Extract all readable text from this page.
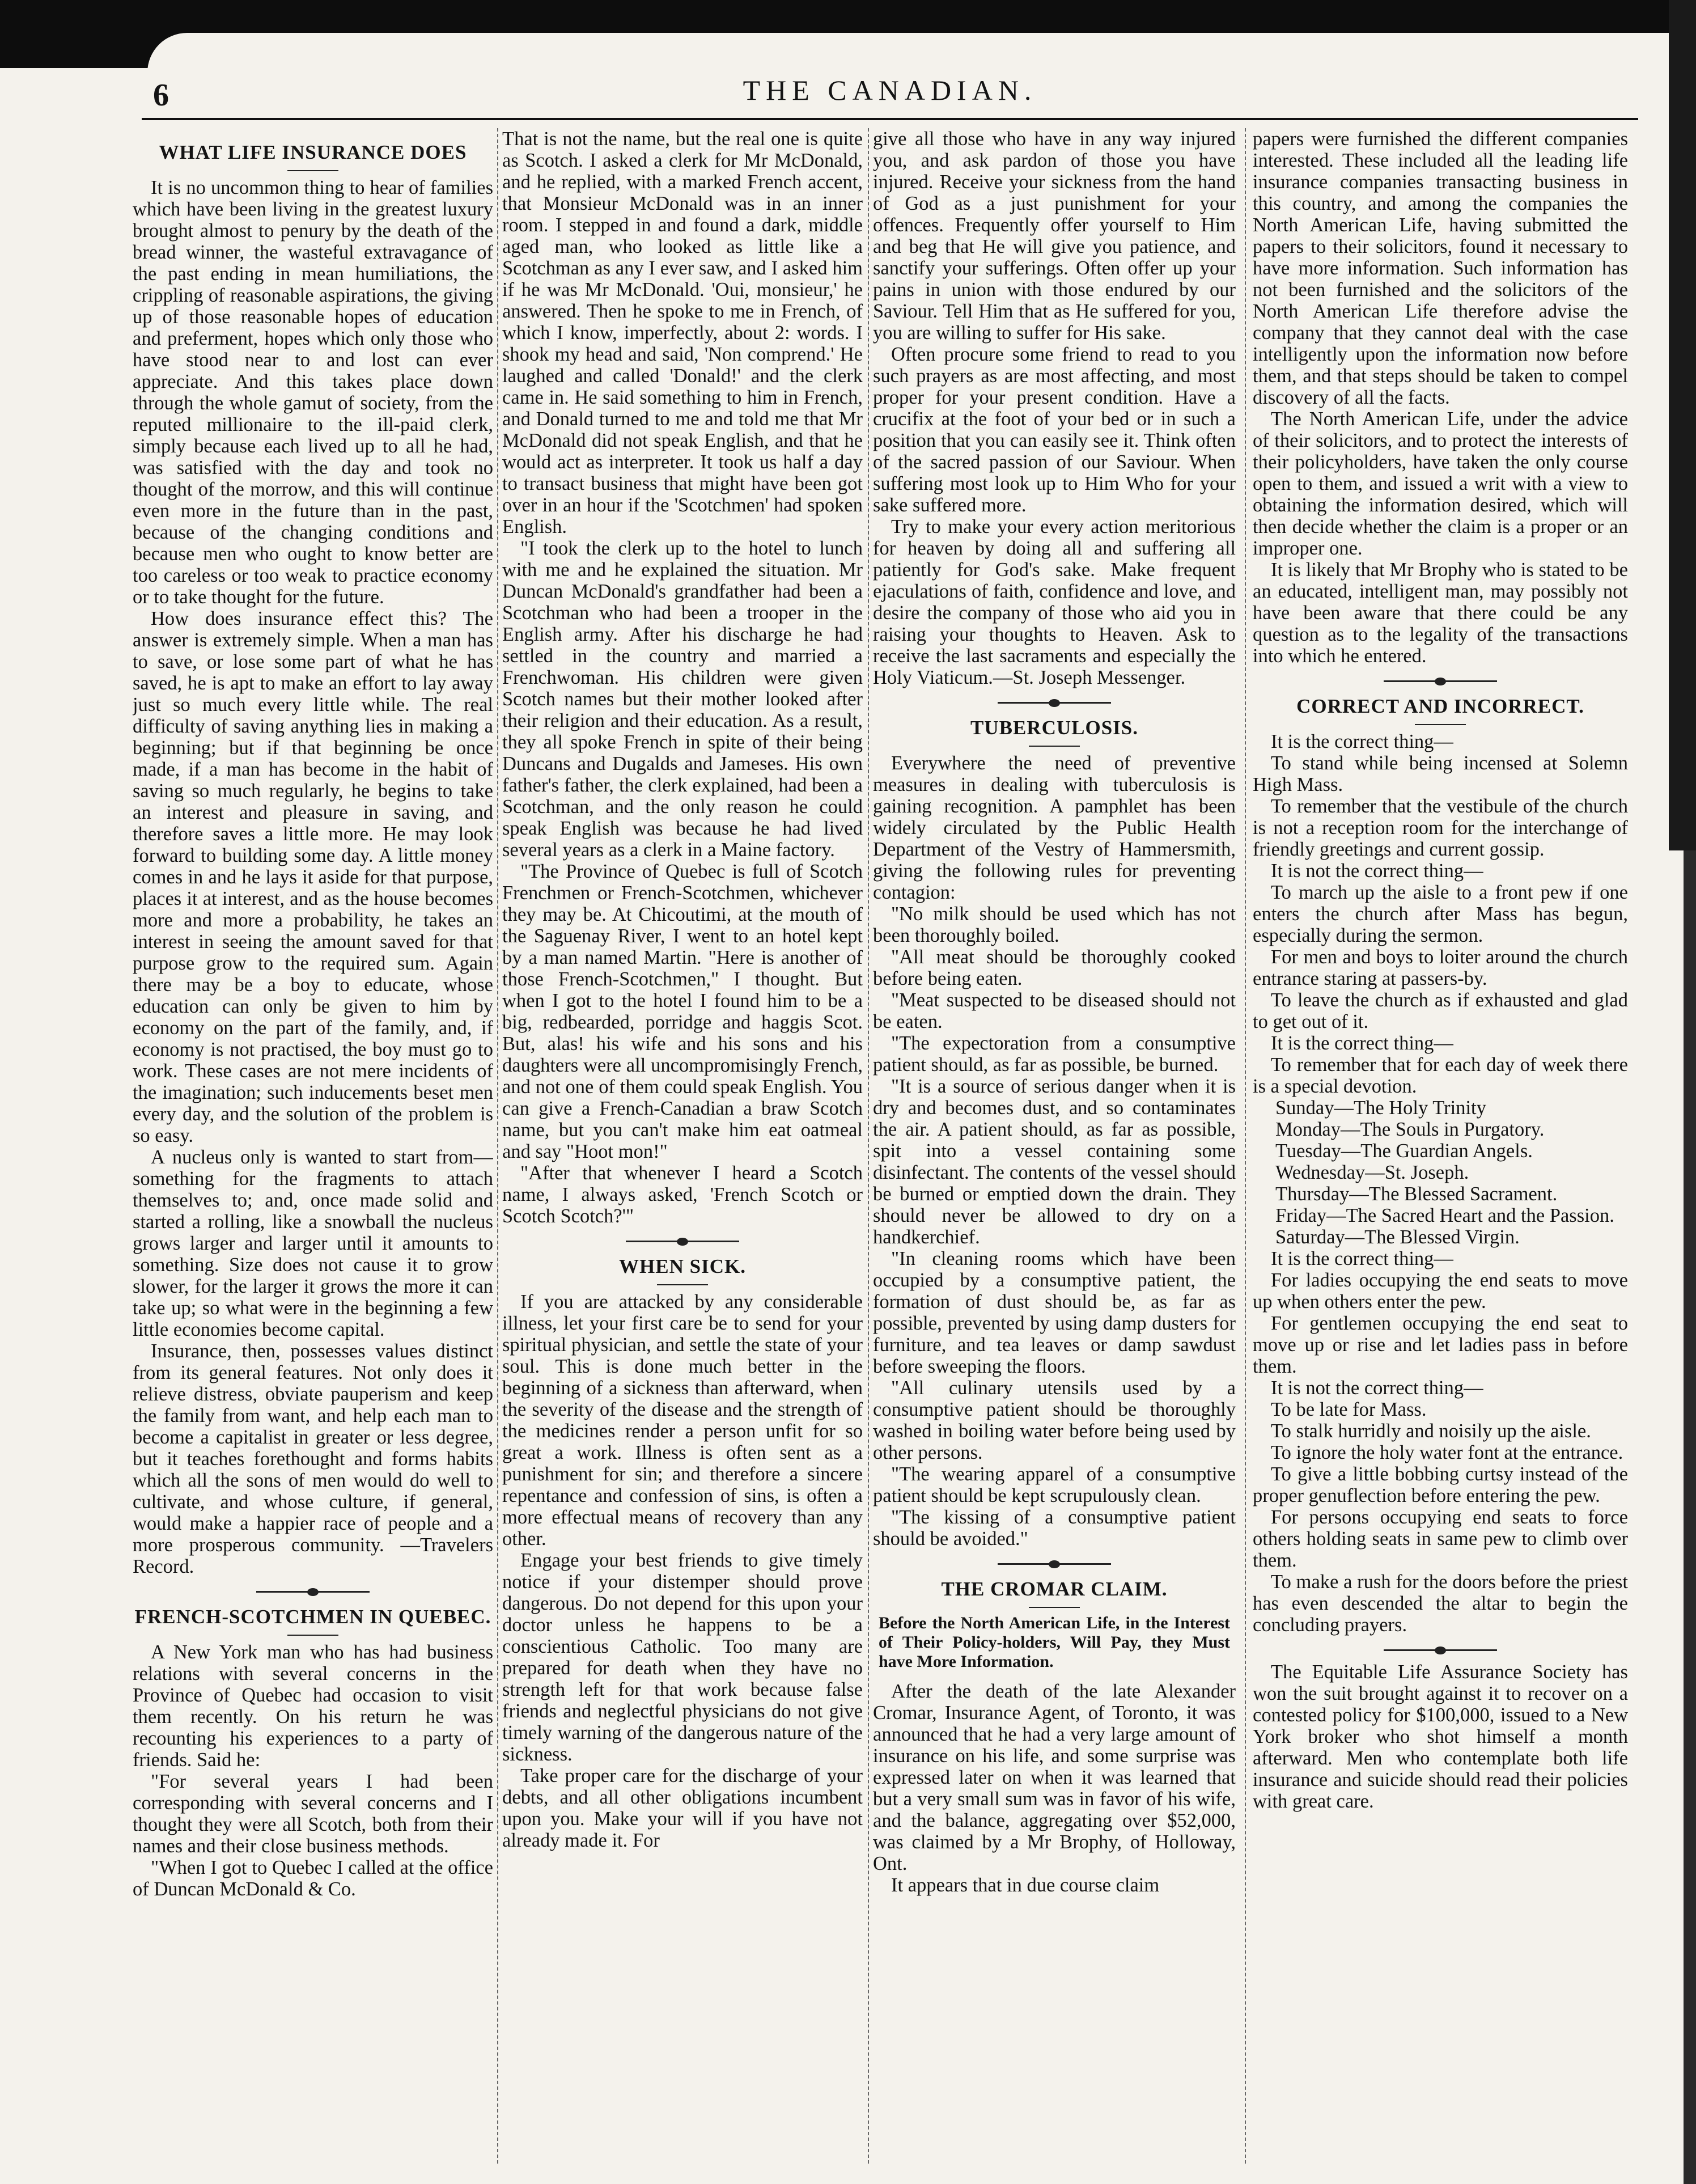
6	THE CANADIAN.
WHAT LIFE INSURANCE DOES

It is no uncommon thing to hear of families which have been living in the greatest luxury brought almost to penury by the death of the bread winner, the wasteful extravagance of the past ending in mean humiliations, the crippling of reasonable aspirations, the giving up of those reasonable hopes of education and preferment, hopes which only those who have stood near to and lost can ever appreciate. And this takes place down through the whole gamut of society, from the reputed millionaire to the ill-paid clerk, simply because each lived up to all he had, was satisfied with the day and took no thought of the morrow, and this will continue even more in the future than in the past, because of the changing conditions and because men who ought to know better are too careless or too weak to practice economy or to take thought for the future.

How does insurance effect this? The answer is extremely simple. When a man has to save, or lose some part of what he has saved, he is apt to make an effort to lay away just so much every little while. The real difficulty of saving anything lies in making a beginning; but if that beginning be once made, if a man has become in the habit of saving so much regularly, he begins to take an interest and pleasure in saving, and therefore saves a little more. He may look forward to building some day. A little money comes in and he lays it aside for that purpose, places it at interest, and as the house becomes more and more a probability, he takes an interest in seeing the amount saved for that purpose grow to the required sum. Again there may be a boy to educate, whose education can only be given to him by economy on the part of the family, and, if economy is not practised, the boy must go to work. These cases are not mere incidents of the imagination; such inducements beset men every day, and the solution of the problem is so easy.

A nucleus only is wanted to start from—something for the fragments to attach themselves to; and, once made solid and started a rolling, like a snowball the nucleus grows larger and larger until it amounts to something. Size does not cause it to grow slower, for the larger it grows the more it can take up; so what were in the beginning a few little economies become capital.

Insurance, then, possesses values distinct from its general features. Not only does it relieve distress, obviate pauperism and keep the family from want, and help each man to become a capitalist in greater or less degree, but it teaches forethought and forms habits which all the sons of men would do well to cultivate, and whose culture, if general, would make a happier race of people and a more prosperous community. —Travelers Record.

FRENCH-SCOTCHMEN IN QUEBEC.

A New York man who has had business relations with several concerns in the Province of Quebec had occasion to visit them recently. On his return he was recounting his experiences to a party of friends. Said he:

"For several years I had been corresponding with several concerns and I thought they were all Scotch, both from their names and their close business methods.

"When I got to Quebec I called at the office of Duncan McDonald & Co.

That is not the name, but the real one is quite as Scotch. I asked a clerk for Mr McDonald, and he replied, with a marked French accent, that Monsieur McDonald was in an inner room. I stepped in and found a dark, middle aged man, who looked as little like a Scotchman as any I ever saw, and I asked him if he was Mr McDonald. 'Oui, monsieur,' he answered. Then he spoke to me in French, of which I know, imperfectly, about 2: words. I shook my head and said, 'Non comprend.' He laughed and called 'Donald!' and the clerk came in. He said something to him in French, and Donald turned to me and told me that Mr McDonald did not speak English, and that he would act as interpreter. It took us half a day to transact business that might have been got over in an hour if the 'Scotchmen' had spoken English.

"I took the clerk up to the hotel to lunch with me and he explained the situation. Mr Duncan McDonald's grandfather had been a Scotchman who had been a trooper in the English army. After his discharge he had settled in the country and married a Frenchwoman. His children were given Scotch names but their mother looked after their religion and their education. As a result, they all spoke French in spite of their being Duncans and Dugalds and Jameses. His own father's father, the clerk explained, had been a Scotchman, and the only reason he could speak English was because he had lived several years as a clerk in a Maine factory.

"The Province of Quebec is full of Scotch Frenchmen or French-Scotchmen, whichever they may be. At Chicoutimi, at the mouth of the Saguenay River, I went to an hotel kept by a man named Martin. "Here is another of those French-Scotchmen," I thought. But when I got to the hotel I found him to be a big, redbearded, porridge and haggis Scot. But, alas! his wife and his sons and his daughters were all uncompromisingly French, and not one of them could speak English. You can give a French-Canadian a braw Scotch name, but you can't make him eat oatmeal and say "Hoot mon!"

"After that whenever I heard a Scotch name, I always asked, 'French Scotch or Scotch Scotch?'"

WHEN SICK.

If you are attacked by any considerable illness, let your first care be to send for your spiritual physician, and settle the state of your soul. This is done much better in the beginning of a sickness than afterward, when the severity of the disease and the strength of the medicines render a person unfit for so great a work. Illness is often sent as a punishment for sin; and therefore a sincere repentance and confession of sins, is often a more effectual means of recovery than any other.

Engage your best friends to give timely notice if your distemper should prove dangerous. Do not depend for this upon your doctor unless he happens to be a conscientious Catholic. Too many are prepared for death when they have no strength left for that work because false friends and neglectful physicians do not give timely warning of the dangerous nature of the sickness.

Take proper care for the discharge of your debts, and all other obligations incumbent upon you. Make your will if you have not already made it. For

give all those who have in any way injured you, and ask pardon of those you have injured. Receive your sickness from the hand of God as a just punishment for your offences. Frequently offer yourself to Him and beg that He will give you patience, and sanctify your sufferings. Often offer up your pains in union with those endured by our Saviour. Tell Him that as He suffered for you, you are willing to suffer for His sake.

Often procure some friend to read to you such prayers as are most affecting, and most proper for your present condition. Have a crucifix at the foot of your bed or in such a position that you can easily see it. Think often of the sacred passion of our Saviour. When suffering most look up to Him Who for your sake suffered more.

Try to make your every action meritorious for heaven by doing all and suffering all patiently for God's sake. Make frequent ejaculations of faith, confidence and love, and desire the company of those who aid you in raising your thoughts to Heaven. Ask to receive the last sacraments and especially the Holy Viaticum.—St. Joseph Messenger.

TUBERCULOSIS.

Everywhere the need of preventive measures in dealing with tuberculosis is gaining recognition. A pamphlet has been widely circulated by the Public Health Department of the Vestry of Hammersmith, giving the following rules for preventing contagion:

"No milk should be used which has not been thoroughly boiled.

"All meat should be thoroughly cooked before being eaten.

"Meat suspected to be diseased should not be eaten.

"The expectoration from a consumptive patient should, as far as possible, be burned.

"It is a source of serious danger when it is dry and becomes dust, and so contaminates the air. A patient should, as far as possible, spit into a vessel containing some disinfectant. The contents of the vessel should be burned or emptied down the drain. They should never be allowed to dry on a handkerchief.

"In cleaning rooms which have been occupied by a consumptive patient, the formation of dust should be, as far as possible, prevented by using damp dusters for furniture, and tea leaves or damp sawdust before sweeping the floors.

"All culinary utensils used by a consumptive patient should be thoroughly washed in boiling water before being used by other persons.

"The wearing apparel of a consumptive patient should be kept scrupulously clean.

"The kissing of a consumptive patient should be avoided."

THE CROMAR CLAIM.

Before the North American Life, in the Interest of Their Policy-holders, Will Pay, they Must have More Information.

After the death of the late Alexander Cromar, Insurance Agent, of Toronto, it was announced that he had a very large amount of insurance on his life, and some surprise was expressed later on when it was learned that but a very small sum was in favor of his wife, and the balance, aggregating over $52,000, was claimed by a Mr Brophy, of Holloway, Ont.

It appears that in due course claim

papers were furnished the different companies interested. These included all the leading life insurance companies transacting business in this country, and among the companies the North American Life, having submitted the papers to their solicitors, found it necessary to have more information. Such information has not been furnished and the solicitors of the North American Life therefore advise the company that they cannot deal with the case intelligently upon the information now before them, and that steps should be taken to compel discovery of all the facts.

The North American Life, under the advice of their solicitors, and to protect the interests of their policyholders, have taken the only course open to them, and issued a writ with a view to obtaining the information desired, which will then decide whether the claim is a proper or an improper one.

It is likely that Mr Brophy who is stated to be an educated, intelligent man, may possibly not have been aware that there could be any question as to the legality of the transactions into which he entered.

CORRECT AND INCORRECT.

It is the correct thing—

To stand while being incensed at Solemn High Mass.

To remember that the vestibule of the church is not a reception room for the interchange of friendly greetings and current gossip.

It is not the correct thing—

To march up the aisle to a front pew if one enters the church after Mass has begun, especially during the sermon.

For men and boys to loiter around the church entrance staring at passers-by.

To leave the church as if exhausted and glad to get out of it.

It is the correct thing—

To remember that for each day of week there is a special devotion.

Sunday—The Holy Trinity

Monday—The Souls in Purgatory.

Tuesday—The Guardian Angels.

Wednesday—St. Joseph.

Thursday—The Blessed Sacrament.

Friday—The Sacred Heart and the Passion.

Saturday—The Blessed Virgin.

It is the correct thing—

For ladies occupying the end seats to move up when others enter the pew.

For gentlemen occupying the end seat to move up or rise and let ladies pass in before them.

It is not the correct thing—

To be late for Mass.

To stalk hurridly and noisily up the aisle.

To ignore the holy water font at the entrance.

To give a little bobbing curtsy instead of the proper genuflection before entering the pew.

For persons occupying end seats to force others holding seats in same pew to climb over them.

To make a rush for the doors before the priest has even descended the altar to begin the concluding prayers.

The Equitable Life Assurance Society has won the suit brought against it to recover on a contested policy for $100,000, issued to a New York broker who shot himself a month afterward. Men who contemplate both life insurance and suicide should read their policies with great care.
